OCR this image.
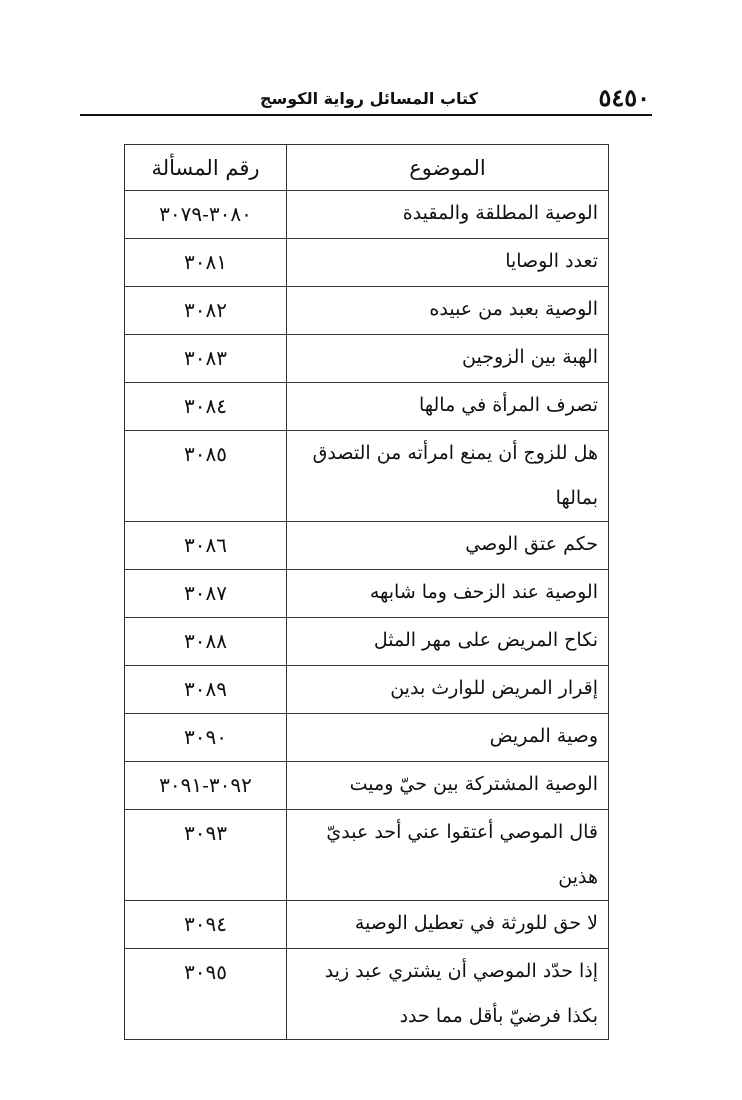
٥٤٥٠
كتاب المسائل رواية الكوسج
الموضوع	رقم المسألة
الوصية المطلقة والمقيدة	٣٠٨٠-٣٠٧٩
تعدد الوصايا	٣٠٨١
الوصية بعبد من عبيده	٣٠٨٢
الهبة بين الزوجين	٣٠٨٣
تصرف المرأة في مالها	٣٠٨٤
هل للزوج أن يمنع امرأته من التصدق بمالها	٣٠٨٥
حكم عتق الوصي	٣٠٨٦
الوصية عند الزحف وما شابهه	٣٠٨٧
نكاح المريض على مهر المثل	٣٠٨٨
إقرار المريض للوارث بدين	٣٠٨٩
وصية المريض	٣٠٩٠
الوصية المشتركة بين حيّ وميت	٣٠٩٢-٣٠٩١
قال الموصي أعتقوا عني أحد عبديّ هذين	٣٠٩٣
لا حق للورثة في تعطيل الوصية	٣٠٩٤
إذا حدّد الموصي أن يشتري عبد زيد بكذا فرضيّ بأقل مما حدد	٣٠٩٥
